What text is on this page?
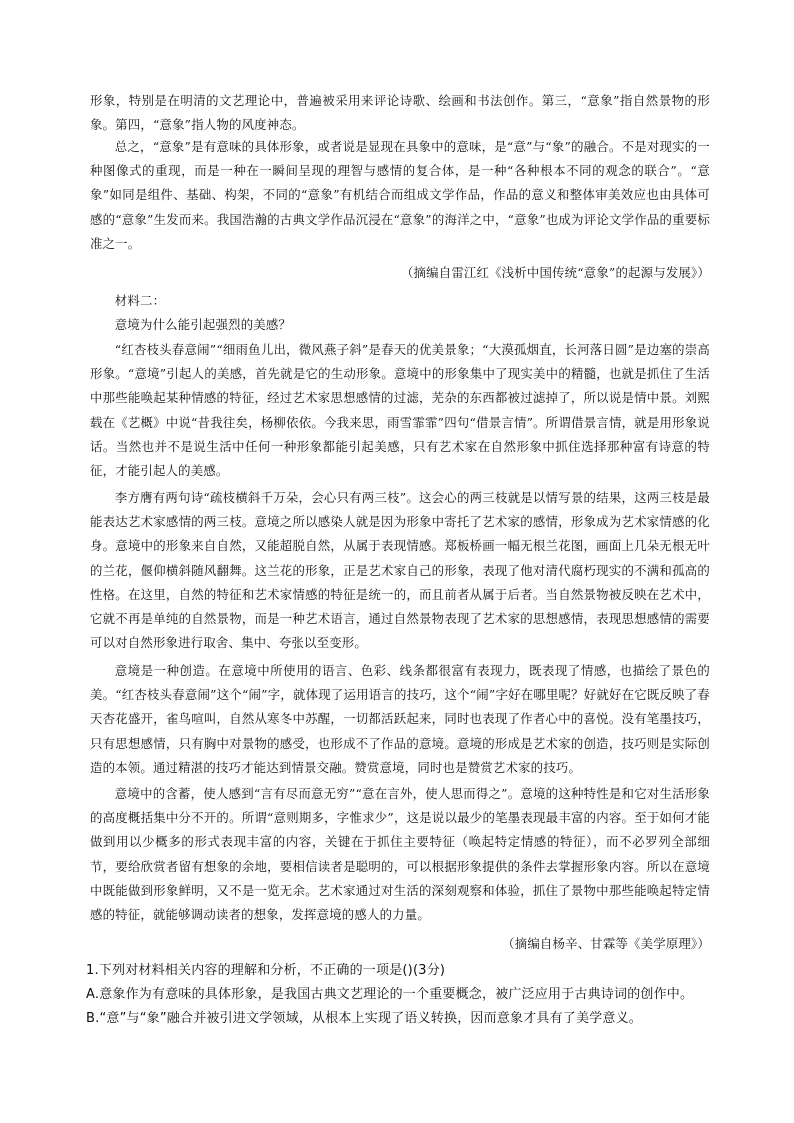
形象，特别是在明清的文艺理论中，普遍被采用来评论诗歌、绘画和书法创作。第三，“意象”指自然景物的形象。第四，“意象”指人物的风度神态。

总之，“意象”是有意味的具体形象，或者说是显现在具象中的意味，是“意”与“象”的融合。不是对现实的一种图像式的重现，而是一种在一瞬间呈现的理智与感情的复合体，是一种“各种根本不同的观念的联合”。“意象”如同是组件、基础、构架，不同的“意象”有机结合而组成文学作品，作品的意义和整体审美效应也由具体可感的“意象”生发而来。我国浩瀚的古典文学作品沉浸在“意象”的海洋之中，“意象”也成为评论文学作品的重要标准之一。

（摘编自雷江红《浅析中国传统“意象”的起源与发展》）

材料二：

意境为什么能引起强烈的美感？

“红杏枝头春意闹”“细雨鱼儿出，微风燕子斜”是春天的优美景象；“大漠孤烟直，长河落日圆”是边塞的崇高形象。“意境”引起人的美感，首先就是它的生动形象。意境中的形象集中了现实美中的精髓，也就是抓住了生活中那些能唤起某种情感的特征，经过艺术家思想感情的过滤，芜杂的东西都被过滤掉了，所以说是情中景。刘熙载在《艺概》中说“昔我往矣，杨柳依依。今我来思，雨雪霏霏”四句“借景言情”。所谓借景言情，就是用形象说话。当然也并不是说生活中任何一种形象都能引起美感，只有艺术家在自然形象中抓住选择那种富有诗意的特征，才能引起人的美感。

李方膺有两句诗“疏枝横斜千万朵，会心只有两三枝”。这会心的两三枝就是以情写景的结果，这两三枝是最能表达艺术家感情的两三枝。意境之所以感染人就是因为形象中寄托了艺术家的感情，形象成为艺术家情感的化身。意境中的形象来自自然，又能超脱自然，从属于表现情感。郑板桥画一幅无根兰花图，画面上几朵无根无叶的兰花，偃仰横斜随风翻舞。这兰花的形象，正是艺术家自己的形象，表现了他对清代腐朽现实的不满和孤高的性格。在这里，自然的特征和艺术家情感的特征是统一的，而且前者从属于后者。当自然景物被反映在艺术中，它就不再是单纯的自然景物，而是一种艺术语言，通过自然景物表现了艺术家的思想感情，表现思想感情的需要可以对自然形象进行取舍、集中、夸张以至变形。

意境是一种创造。在意境中所使用的语言、色彩、线条都很富有表现力，既表现了情感，也描绘了景色的美。“红杏枝头春意闹”这个“闹”字，就体现了运用语言的技巧，这个“闹”字好在哪里呢？好就好在它既反映了春天杏花盛开，雀鸟喧叫，自然从寒冬中苏醒，一切都活跃起来，同时也表现了作者心中的喜悦。没有笔墨技巧，只有思想感情，只有胸中对景物的感受，也形成不了作品的意境。意境的形成是艺术家的创造，技巧则是实际创造的本领。通过精湛的技巧才能达到情景交融。赞赏意境，同时也是赞赏艺术家的技巧。

意境中的含蓄，使人感到“言有尽而意无穷”“意在言外，使人思而得之”。意境的这种特性是和它对生活形象的高度概括集中分不开的。所谓“意则期多，字惟求少”，这是说以最少的笔墨表现最丰富的内容。至于如何才能做到用以少概多的形式表现丰富的内容，关键在于抓住主要特征（唤起特定情感的特征），而不必罗列全部细节，要给欣赏者留有想象的余地，要相信读者是聪明的，可以根据形象提供的条件去掌握形象内容。所以在意境中既能做到形象鲜明，又不是一览无余。艺术家通过对生活的深刻观察和体验，抓住了景物中那些能唤起特定情感的特征，就能够调动读者的想象，发挥意境的感人的力量。

（摘编自杨辛、甘霖等《美学原理》）

1.下列对材料相关内容的理解和分析，不正确的一项是()(3分)

A.意象作为有意味的具体形象，是我国古典文艺理论的一个重要概念，被广泛应用于古典诗词的创作中。

B.“意”与“象”融合并被引进文学领域，从根本上实现了语义转换，因而意象才具有了美学意义。
